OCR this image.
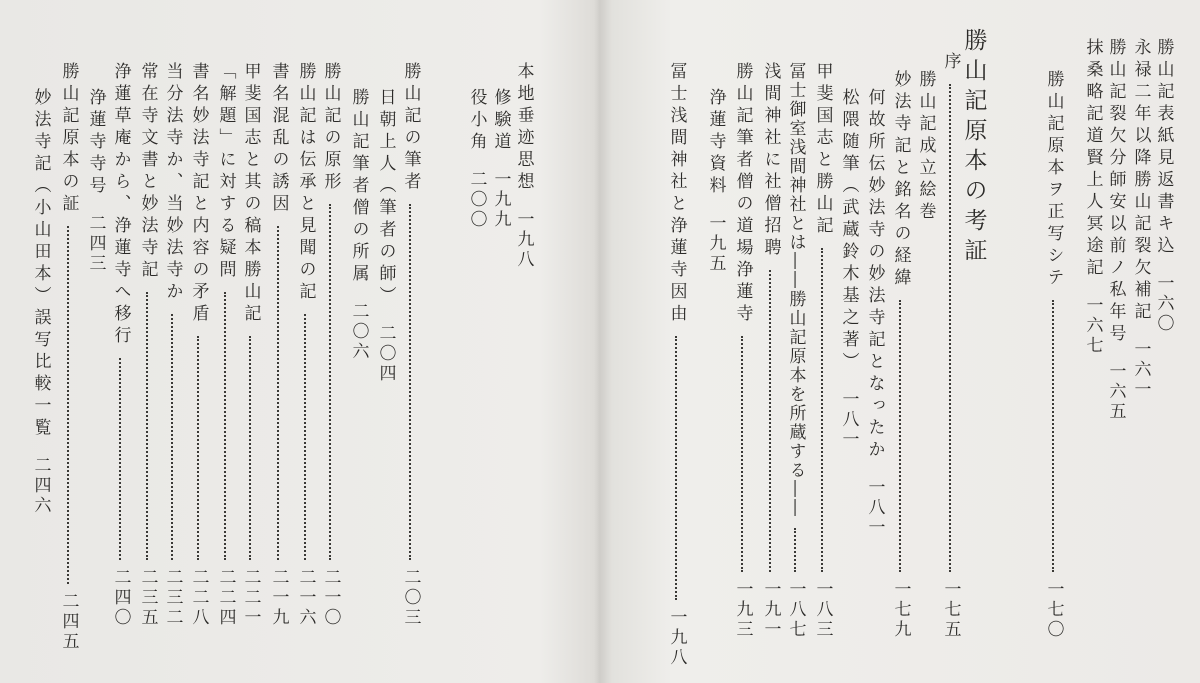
本地垂迹思想
一九八
修験道
一九九
役小角
二〇〇
勝山記の筆者
二〇三
日朝上人（筆者の師）
二〇四
勝山記筆者僧の所属
二〇六
勝山記の原形
二一〇
勝山記は伝承と見聞の記
二一六
書名混乱の誘因
二一九
甲斐国志と其の稿本勝山記
二二一
「解題」に対する疑問
二二四
書名妙法寺記と内容の矛盾
二二八
当分法寺か、当妙法寺か
二三二
常在寺文書と妙法寺記
二三五
浄蓮草庵から、浄蓮寺へ移行
二四〇
浄蓮寺寺号
二四三
勝山記原本の証
二四五
妙法寺記（小山田本）誤写比較一覧
二四六
勝山記原本の考証	勝山記表紙見返書キ込
一六〇
永禄二年以降勝山記裂欠補記
一六一
勝山記裂欠分師安以前ノ私年号
一六五
抹桑略記道賢上人冥途記
一六七
勝山記原本ヲ正写シテ
一七〇
序
一七五
勝山記成立絵巻
妙法寺記と銘名の経緯
一七九
何故所伝妙法寺の妙法寺記となったか
一八一
松隈随筆（武蔵鈴木基之著）
一八一
甲斐国志と勝山記
一八三
冨士御室浅間神社とは――勝山記原本を所蔵する――
一八七
浅間神社に社僧招聘
一九一
勝山記筆者僧の道場浄蓮寺
一九三
浄蓮寺資料
一九五
冨士浅間神社と浄蓮寺因由
一九八
